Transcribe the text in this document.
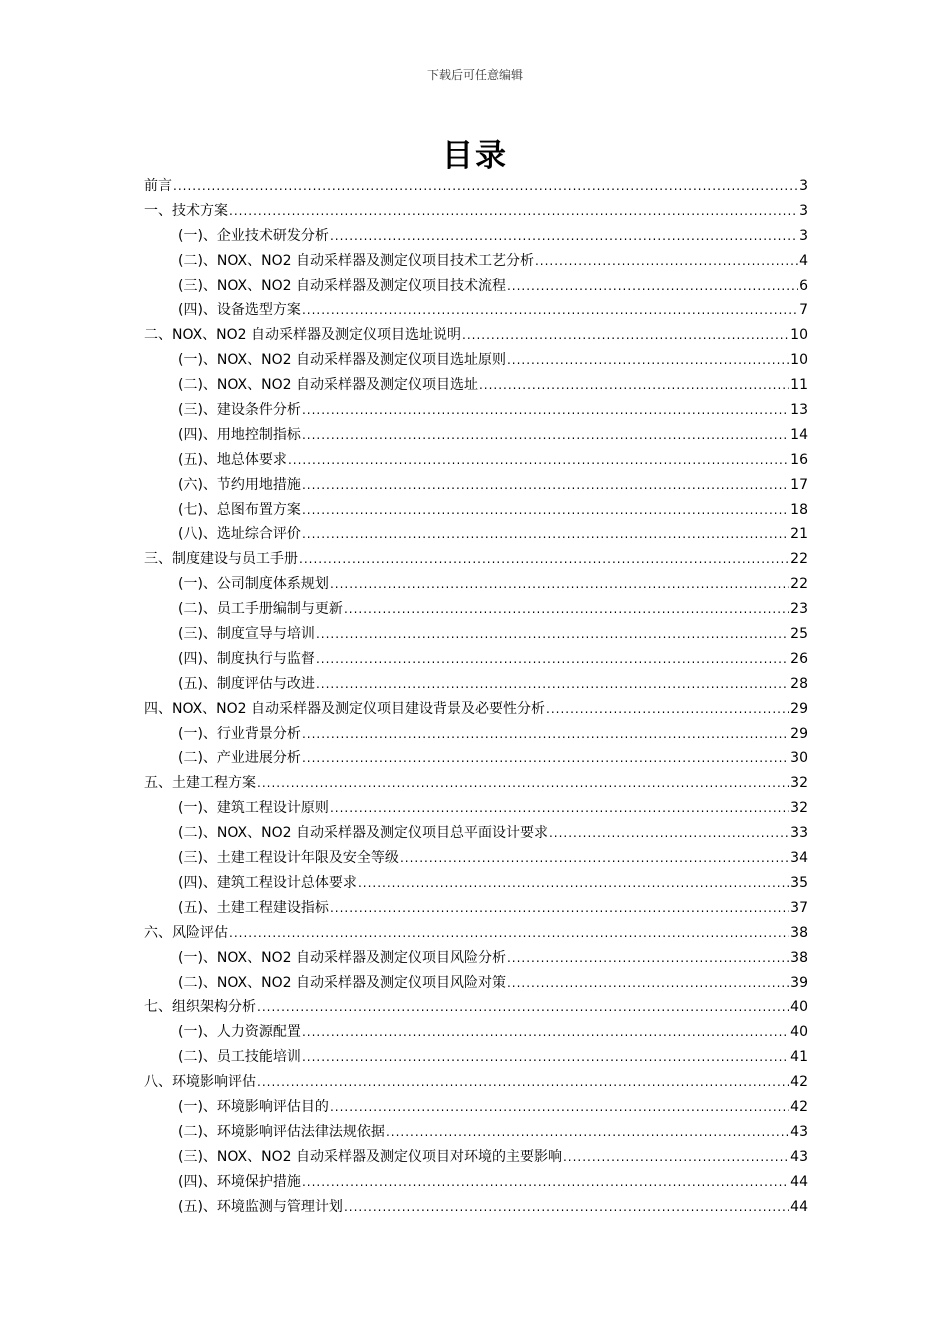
下载后可任意编辑
目录
前言 .....	3
一、技术方案 .....	3
(一)、企业技术研发分析 .....	3
(二)、NOX、NO2 自动采样器及测定仪项目技术工艺分析 .....	4
(三)、NOX、NO2 自动采样器及测定仪项目技术流程 .....	6
(四)、设备选型方案 .....	7
二、NOX、NO2 自动采样器及测定仪项目选址说明 .....	10
(一)、NOX、NO2 自动采样器及测定仪项目选址原则 .....	10
(二)、NOX、NO2 自动采样器及测定仪项目选址 .....	11
(三)、建设条件分析 .....	13
(四)、用地控制指标 .....	14
(五)、地总体要求 .....	16
(六)、节约用地措施 .....	17
(七)、总图布置方案 .....	18
(八)、选址综合评价 .....	21
三、制度建设与员工手册 .....	22
(一)、公司制度体系规划 .....	22
(二)、员工手册编制与更新 .....	23
(三)、制度宣导与培训 .....	25
(四)、制度执行与监督 .....	26
(五)、制度评估与改进 .....	28
四、NOX、NO2 自动采样器及测定仪项目建设背景及必要性分析 .....	29
(一)、行业背景分析 .....	29
(二)、产业进展分析 .....	30
五、土建工程方案 .....	32
(一)、建筑工程设计原则 .....	32
(二)、NOX、NO2 自动采样器及测定仪项目总平面设计要求 .....	33
(三)、土建工程设计年限及安全等级 .....	34
(四)、建筑工程设计总体要求 .....	35
(五)、土建工程建设指标 .....	37
六、风险评估 .....	38
(一)、NOX、NO2 自动采样器及测定仪项目风险分析 .....	38
(二)、NOX、NO2 自动采样器及测定仪项目风险对策 .....	39
七、组织架构分析 .....	40
(一)、人力资源配置 .....	40
(二)、员工技能培训 .....	41
八、环境影响评估 .....	42
(一)、环境影响评估目的 .....	42
(二)、环境影响评估法律法规依据 .....	43
(三)、NOX、NO2 自动采样器及测定仪项目对环境的主要影响 .....	43
(四)、环境保护措施 .....	44
(五)、环境监测与管理计划 .....	44
